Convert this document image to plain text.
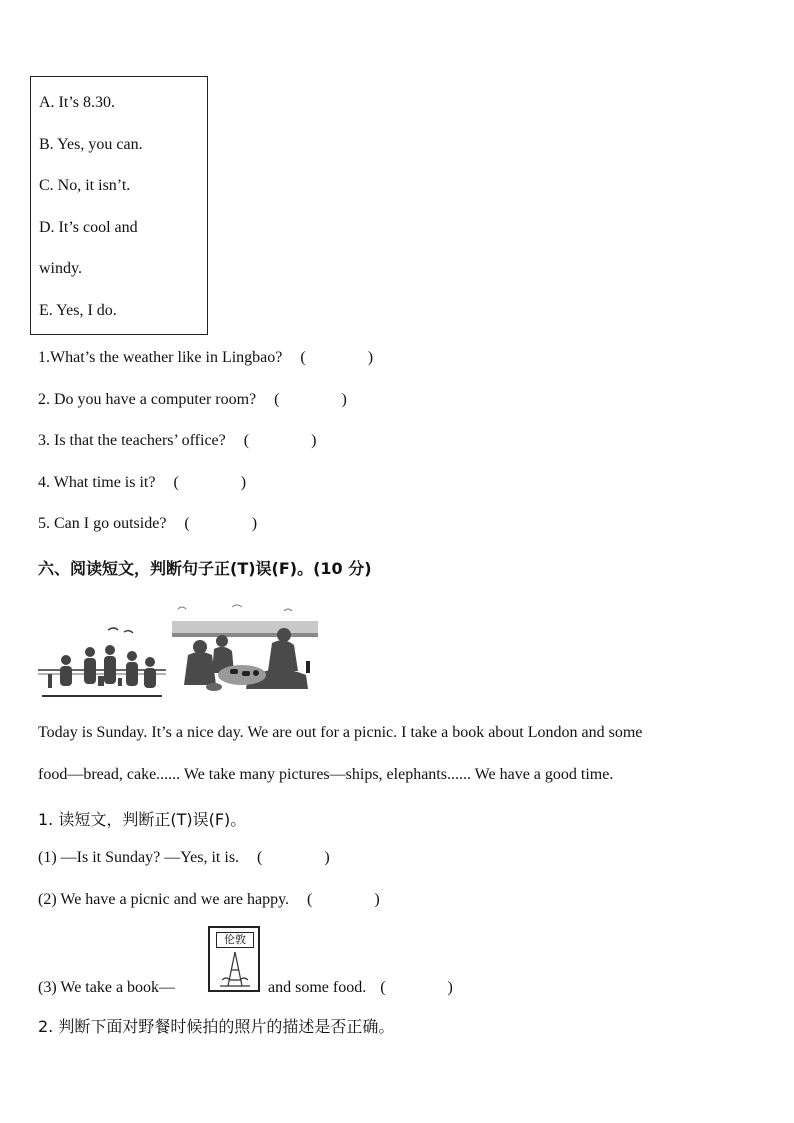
A. It’s 8.30.
B. Yes, you can.
C. No, it isn’t.
D. It’s cool and
windy.
E. Yes, I do.
1.What’s the weather like in Lingbao? (	)
2. Do you have a computer room? (	)
3. Is that the teachers’ office? (	)
4. What time is it? (	)
5. Can I go outside? (	)
六、阅读短文，判断句子正(T)误(F)。(10 分)
Today is Sunday. It’s a nice day. We are out for a picnic. I take a book about London and some
food—bread, cake...... We take many pictures—ships, elephants...... We have a good time.
1. 读短文，判断正(T)误(F)。
(1) —Is it Sunday? —Yes, it is. (	)
(2) We have a picnic and we are happy. (	)
(3) We take a book—
伦敦
and some food. (	)
2. 判断下面对野餐时候拍的照片的描述是否正确。
